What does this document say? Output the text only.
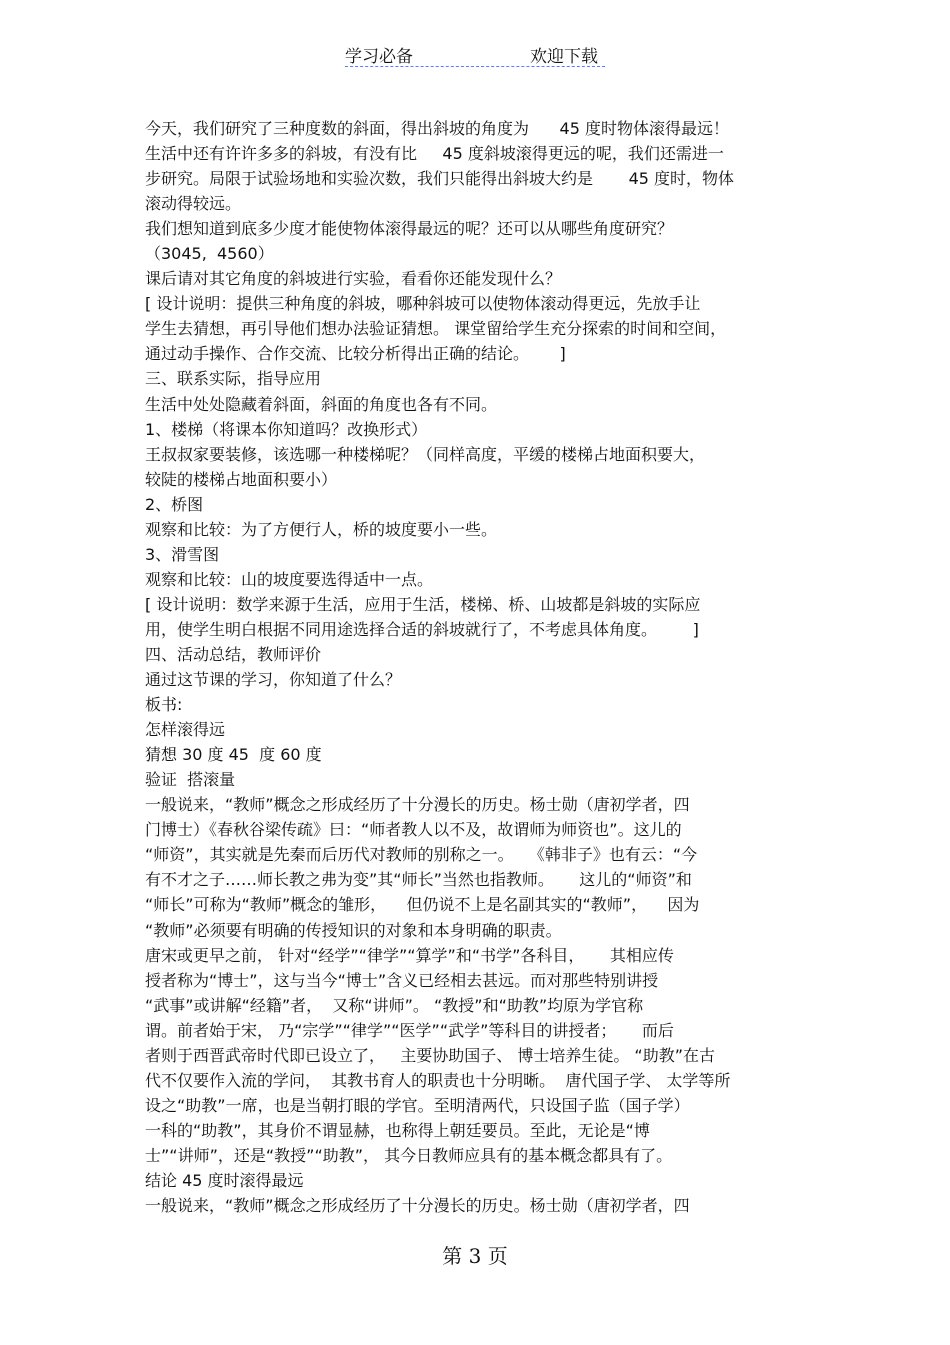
学习必备	欢迎下载
今天，我们研究了三种度数的斜面，得出斜坡的角度为      45 度时物体滚得最远！
生活中还有许许多多的斜坡，有没有比     45 度斜坡滚得更远的呢，我们还需进一
步研究。局限于试验场地和实验次数，我们只能得出斜坡大约是       45 度时，物体
滚动得较远。
我们想知道到底多少度才能使物体滚得最远的呢？还可以从哪些角度研究？
（3045,  4560）
课后请对其它角度的斜坡进行实验，看看你还能发现什么？
[ 设计说明：提供三种角度的斜坡，哪种斜坡可以使物体滚动得更远，先放手让
学生去猜想，再引导他们想办法验证猜想。 课堂留给学生充分探索的时间和空间，
通过动手操作、合作交流、比较分析得出正确的结论。      ]
三、联系实际，指导应用
生活中处处隐藏着斜面，斜面的角度也各有不同。
1、楼梯（将课本你知道吗？改换形式）
王叔叔家要装修，该选哪一种楼梯呢？（同样高度，平缓的楼梯占地面积要大，
较陡的楼梯占地面积要小）
2、桥图
观察和比较：为了方便行人，桥的坡度要小一些。
3、滑雪图
观察和比较：山的坡度要选得适中一点。
[ 设计说明：数学来源于生活，应用于生活，楼梯、桥、山坡都是斜坡的实际应
用，使学生明白根据不同用途选择合适的斜坡就行了，不考虑具体角度。       ]
四、活动总结，教师评价
通过这节课的学习，你知道了什么？
板书:
怎样滚得远
猜想 30 度 45  度 60 度
验证  搭滚量
一般说来，“教师”概念之形成经历了十分漫长的历史。杨士勋（唐初学者，四
门博士）《春秋谷梁传疏》曰：“师者教人以不及，故谓师为师资也”。这儿的
“师资”，其实就是先秦而后历代对教师的别称之一。   《韩非子》也有云：“今
有不才之子……师长教之弗为变”其“师长”当然也指教师。     这儿的“师资”和
“师长”可称为“教师”概念的雏形，    但仍说不上是名副其实的“教师”，    因为
“教师”必须要有明确的传授知识的对象和本身明确的职责。
唐宋或更早之前， 针对“经学”“律学”“算学”和“书学”各科目，     其相应传
授者称为“博士”，这与当今“博士”含义已经相去甚远。而对那些特别讲授
“武事”或讲解“经籍”者，  又称“讲师”。 “教授”和“助教”均原为学官称
谓。前者始于宋， 乃“宗学”“律学”“医学”“武学”等科目的讲授者；     而后
者则于西晋武帝时代即已设立了，   主要协助国子、 博士培养生徒。 “助教”在古
代不仅要作入流的学问，  其教书育人的职责也十分明晰。  唐代国子学、 太学等所
设之“助教”一席，也是当朝打眼的学官。至明清两代，只设国子监（国子学）
一科的“助教”，其身价不谓显赫，也称得上朝廷要员。至此，无论是“博
士”“讲师”，还是“教授”“助教”， 其今日教师应具有的基本概念都具有了。
结论 45 度时滚得最远
一般说来，“教师”概念之形成经历了十分漫长的历史。杨士勋（唐初学者，四
第 3 页
